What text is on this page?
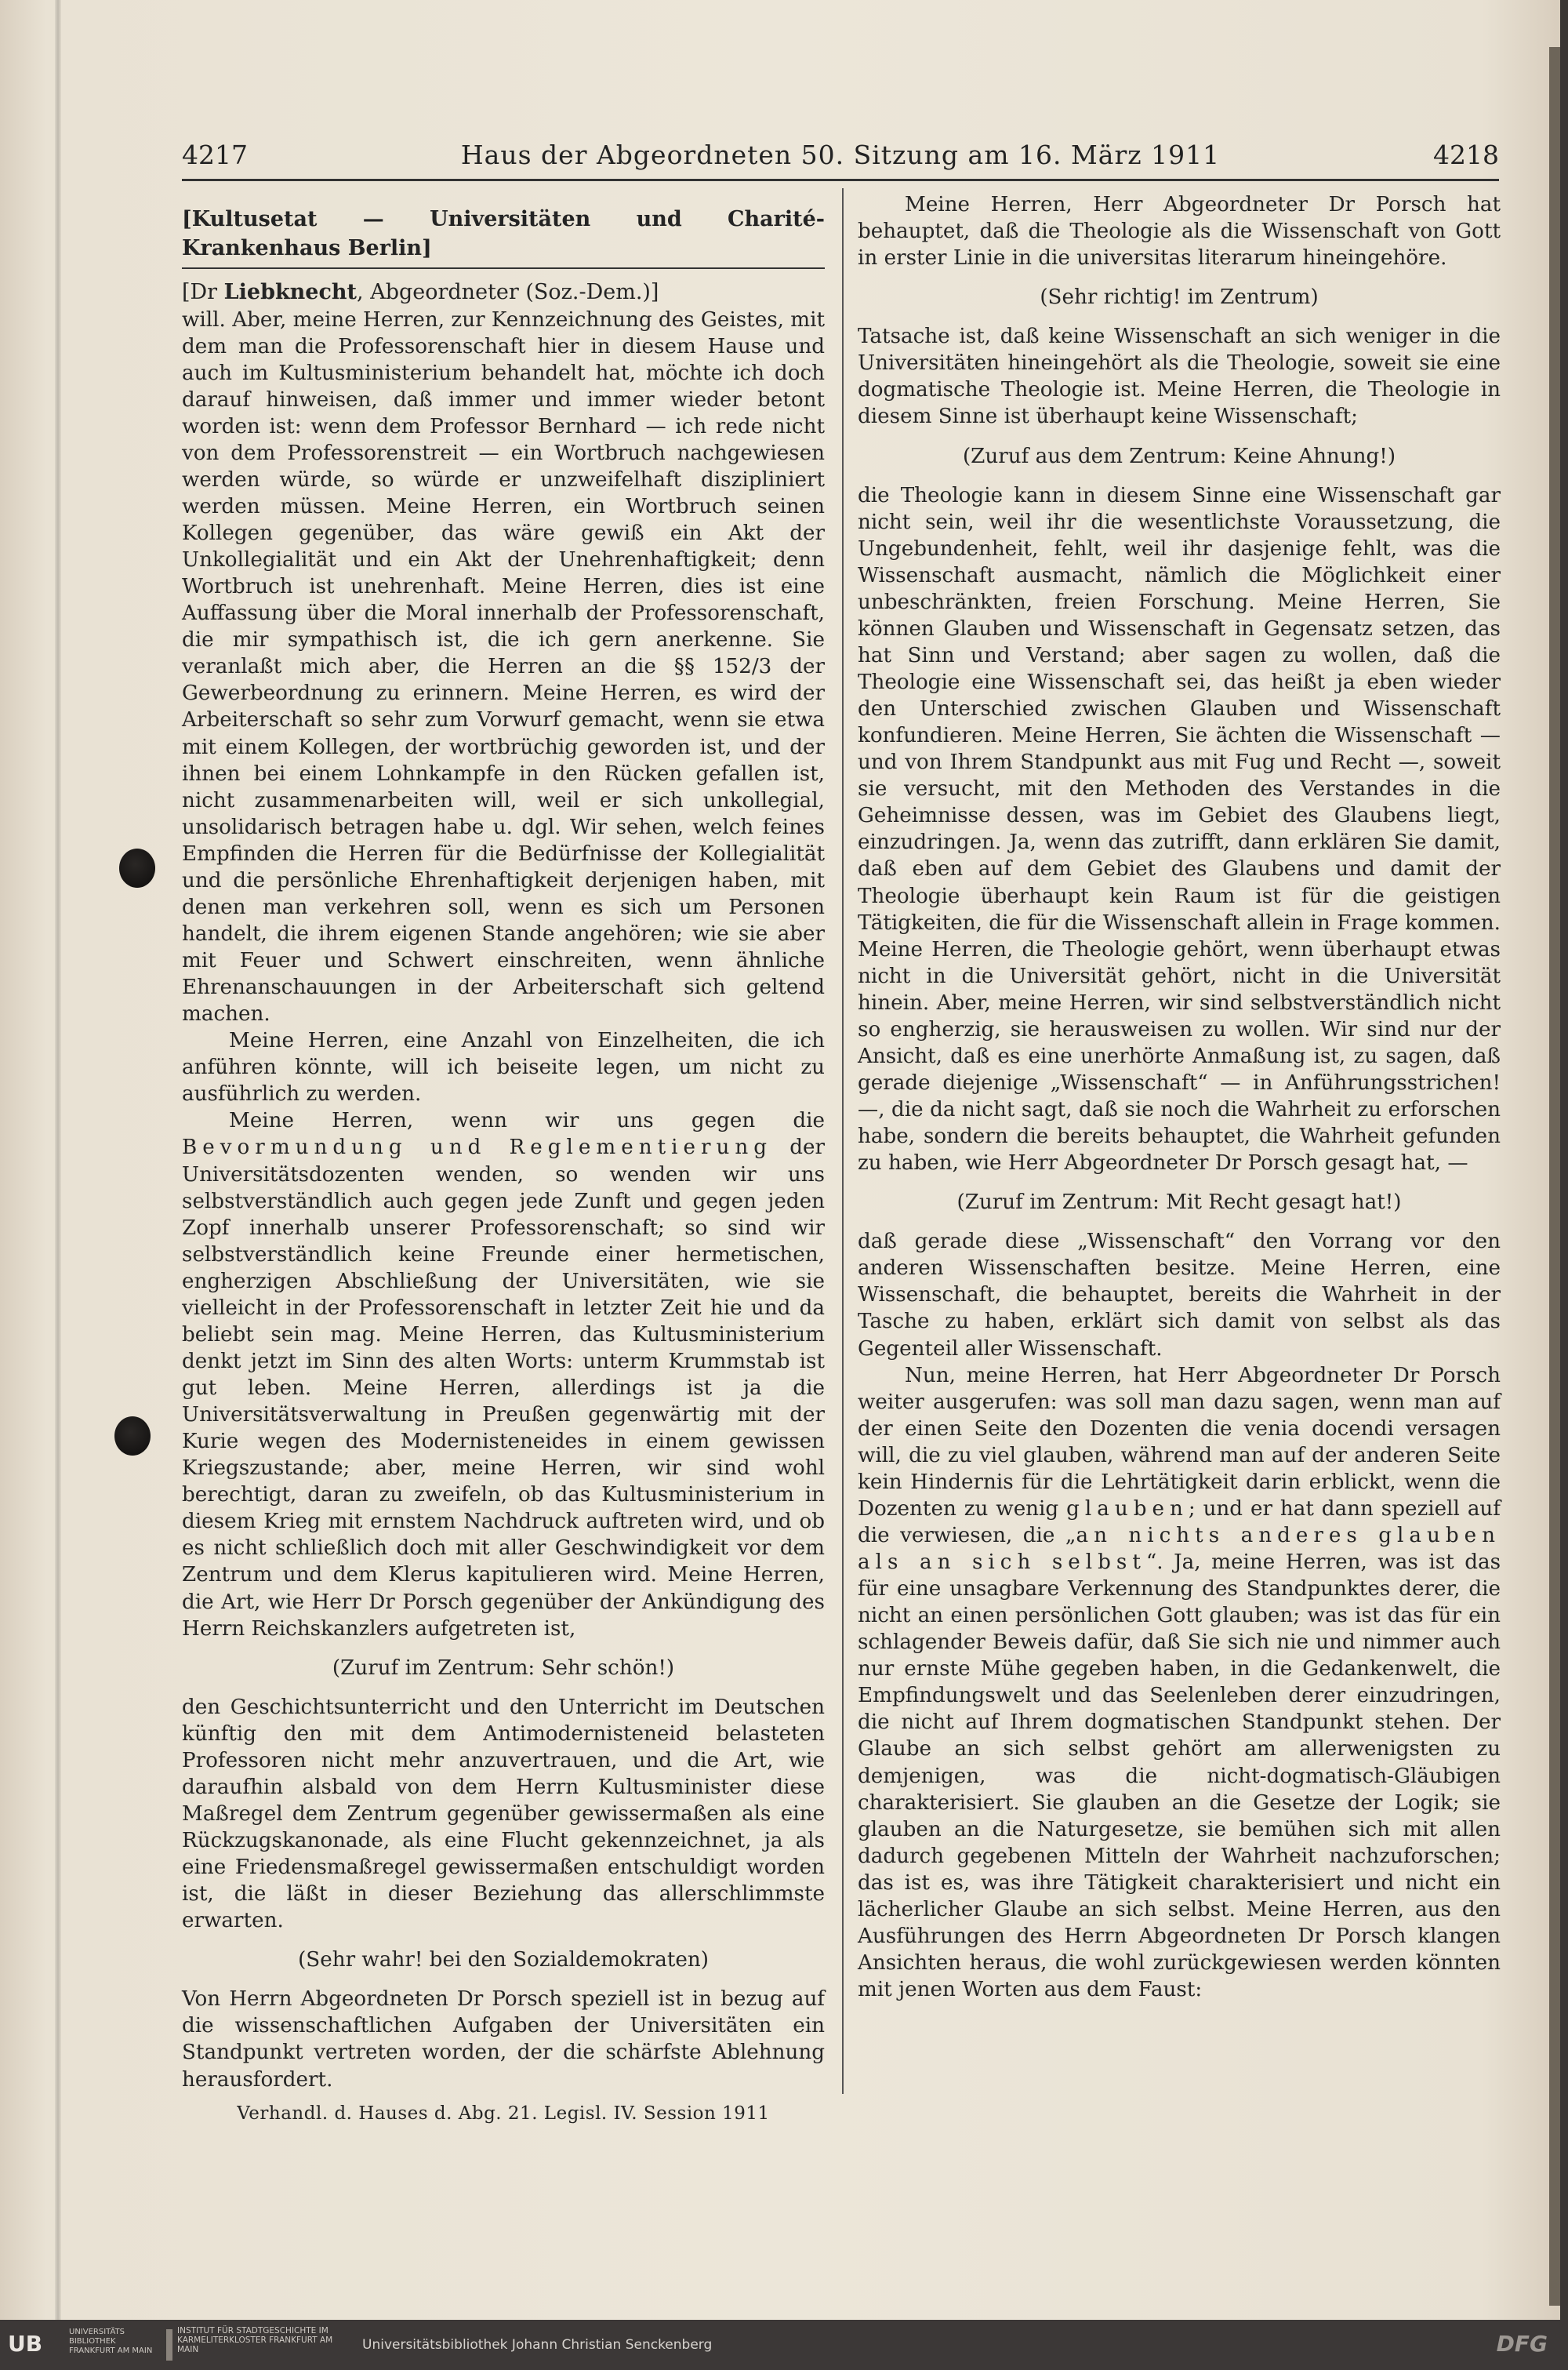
4217	Haus der Abgeordneten 50. Sitzung am 16. März 1911	4218
[Kultusetat — Universitäten und Charité-Krankenhaus Berlin]
[Dr Liebknecht, Abgeordneter (Soz.-Dem.)]

will. Aber, meine Herren, zur Kennzeichnung des Geistes, mit dem man die Professorenschaft hier in diesem Hause und auch im Kultusministerium behandelt hat, möchte ich doch darauf hinweisen, daß immer und immer wieder betont worden ist: wenn dem Professor Bernhard — ich rede nicht von dem Professorenstreit — ein Wortbruch nachgewiesen werden würde, so würde er unzweifelhaft diszipliniert werden müssen. Meine Herren, ein Wortbruch seinen Kollegen gegenüber, das wäre gewiß ein Akt der Unkollegialität und ein Akt der Unehrenhaftigkeit; denn Wortbruch ist unehrenhaft. Meine Herren, dies ist eine Auffassung über die Moral innerhalb der Professorenschaft, die mir sympathisch ist, die ich gern anerkenne. Sie veranlaßt mich aber, die Herren an die §§ 152/3 der Gewerbeordnung zu erinnern. Meine Herren, es wird der Arbeiterschaft so sehr zum Vorwurf gemacht, wenn sie etwa mit einem Kollegen, der wortbrüchig geworden ist, und der ihnen bei einem Lohnkampfe in den Rücken gefallen ist, nicht zusammenarbeiten will, weil er sich unkollegial, unsolidarisch betragen habe u. dgl. Wir sehen, welch feines Empfinden die Herren für die Bedürfnisse der Kollegialität und die persönliche Ehrenhaftigkeit derjenigen haben, mit denen man verkehren soll, wenn es sich um Personen handelt, die ihrem eigenen Stande angehören; wie sie aber mit Feuer und Schwert einschreiten, wenn ähnliche Ehrenanschauungen in der Arbeiterschaft sich geltend machen.

Meine Herren, eine Anzahl von Einzelheiten, die ich anführen könnte, will ich beiseite legen, um nicht zu ausführlich zu werden.

Meine Herren, wenn wir uns gegen die Bevormundung und Reglementierung der Universitätsdozenten wenden, so wenden wir uns selbstverständlich auch gegen jede Zunft und gegen jeden Zopf innerhalb unserer Professorenschaft; so sind wir selbstverständlich keine Freunde einer hermetischen, engherzigen Abschließung der Universitäten, wie sie vielleicht in der Professorenschaft in letzter Zeit hie und da beliebt sein mag. Meine Herren, das Kultusministerium denkt jetzt im Sinn des alten Worts: unterm Krummstab ist gut leben. Meine Herren, allerdings ist ja die Universitätsverwaltung in Preußen gegenwärtig mit der Kurie wegen des Modernisteneides in einem gewissen Kriegszustande; aber, meine Herren, wir sind wohl berechtigt, daran zu zweifeln, ob das Kultusministerium in diesem Krieg mit ernstem Nachdruck auftreten wird, und ob es nicht schließlich doch mit aller Geschwindigkeit vor dem Zentrum und dem Klerus kapitulieren wird. Meine Herren, die Art, wie Herr Dr Porsch gegenüber der Ankündigung des Herrn Reichskanzlers aufgetreten ist,

(Zuruf im Zentrum: Sehr schön!)

den Geschichtsunterricht und den Unterricht im Deutschen künftig den mit dem Antimodernisteneid belasteten Professoren nicht mehr anzuvertrauen, und die Art, wie daraufhin alsbald von dem Herrn Kultusminister diese Maßregel dem Zentrum gegenüber gewissermaßen als eine Rückzugskanonade, als eine Flucht gekennzeichnet, ja als eine Friedensmaßregel gewissermaßen entschuldigt worden ist, die läßt in dieser Beziehung das allerschlimmste erwarten.

(Sehr wahr! bei den Sozialdemokraten)

Von Herrn Abgeordneten Dr Porsch speziell ist in bezug auf die wissenschaftlichen Aufgaben der Universitäten ein Standpunkt vertreten worden, der die schärfste Ablehnung herausfordert.

Verhandl. d. Hauses d. Abg. 21. Legisl. IV. Session 1911

Meine Herren, Herr Abgeordneter Dr Porsch hat behauptet, daß die Theologie als die Wissenschaft von Gott in erster Linie in die universitas literarum hineingehöre.

(Sehr richtig! im Zentrum)

Tatsache ist, daß keine Wissenschaft an sich weniger in die Universitäten hineingehört als die Theologie, soweit sie eine dogmatische Theologie ist. Meine Herren, die Theologie in diesem Sinne ist überhaupt keine Wissenschaft;

(Zuruf aus dem Zentrum: Keine Ahnung!)

die Theologie kann in diesem Sinne eine Wissenschaft gar nicht sein, weil ihr die wesentlichste Voraussetzung, die Ungebundenheit, fehlt, weil ihr dasjenige fehlt, was die Wissenschaft ausmacht, nämlich die Möglichkeit einer unbeschränkten, freien Forschung. Meine Herren, Sie können Glauben und Wissenschaft in Gegensatz setzen, das hat Sinn und Verstand; aber sagen zu wollen, daß die Theologie eine Wissenschaft sei, das heißt ja eben wieder den Unterschied zwischen Glauben und Wissenschaft konfundieren. Meine Herren, Sie ächten die Wissenschaft — und von Ihrem Standpunkt aus mit Fug und Recht —, soweit sie versucht, mit den Methoden des Verstandes in die Geheimnisse dessen, was im Gebiet des Glaubens liegt, einzudringen. Ja, wenn das zutrifft, dann erklären Sie damit, daß eben auf dem Gebiet des Glaubens und damit der Theologie überhaupt kein Raum ist für die geistigen Tätigkeiten, die für die Wissenschaft allein in Frage kommen. Meine Herren, die Theologie gehört, wenn überhaupt etwas nicht in die Universität gehört, nicht in die Universität hinein. Aber, meine Herren, wir sind selbstverständlich nicht so engherzig, sie herausweisen zu wollen. Wir sind nur der Ansicht, daß es eine unerhörte Anmaßung ist, zu sagen, daß gerade diejenige „Wissenschaft“ — in Anführungsstrichen! —, die da nicht sagt, daß sie noch die Wahrheit zu erforschen habe, sondern die bereits behauptet, die Wahrheit gefunden zu haben, wie Herr Abgeordneter Dr Porsch gesagt hat, —

(Zuruf im Zentrum: Mit Recht gesagt hat!)

daß gerade diese „Wissenschaft“ den Vorrang vor den anderen Wissenschaften besitze. Meine Herren, eine Wissenschaft, die behauptet, bereits die Wahrheit in der Tasche zu haben, erklärt sich damit von selbst als das Gegenteil aller Wissenschaft.

Nun, meine Herren, hat Herr Abgeordneter Dr Porsch weiter ausgerufen: was soll man dazu sagen, wenn man auf der einen Seite den Dozenten die venia docendi versagen will, die zu viel glauben, während man auf der anderen Seite kein Hindernis für die Lehrtätigkeit darin erblickt, wenn die Dozenten zu wenig glauben; und er hat dann speziell auf die verwiesen, die „an nichts anderes glauben als an sich selbst“. Ja, meine Herren, was ist das für eine unsagbare Verkennung des Standpunktes derer, die nicht an einen persönlichen Gott glauben; was ist das für ein schlagender Beweis dafür, daß Sie sich nie und nimmer auch nur ernste Mühe gegeben haben, in die Gedankenwelt, die Empfindungswelt und das Seelenleben derer einzudringen, die nicht auf Ihrem dogmatischen Standpunkt stehen. Der Glaube an sich selbst gehört am allerwenigsten zu demjenigen, was die nicht-dogmatisch-Gläubigen charakterisiert. Sie glauben an die Gesetze der Logik; sie glauben an die Naturgesetze, sie bemühen sich mit allen dadurch gegebenen Mitteln der Wahrheit nachzuforschen; das ist es, was ihre Tätigkeit charakterisiert und nicht ein lächerlicher Glaube an sich selbst. Meine Herren, aus den Ausführungen des Herrn Abgeordneten Dr Porsch klangen Ansichten heraus, die wohl zurückgewiesen werden könnten mit jenen Worten aus dem Faust:

UB	UNIVERSITÄTS BIBLIOTHEK FRANKFURT AM MAIN
INSTITUT FÜR STADTGESCHICHTE IM KARMELITERKLOSTER FRANKFURT AM MAIN	Universitätsbibliothek Johann Christian Senckenberg	DFG
